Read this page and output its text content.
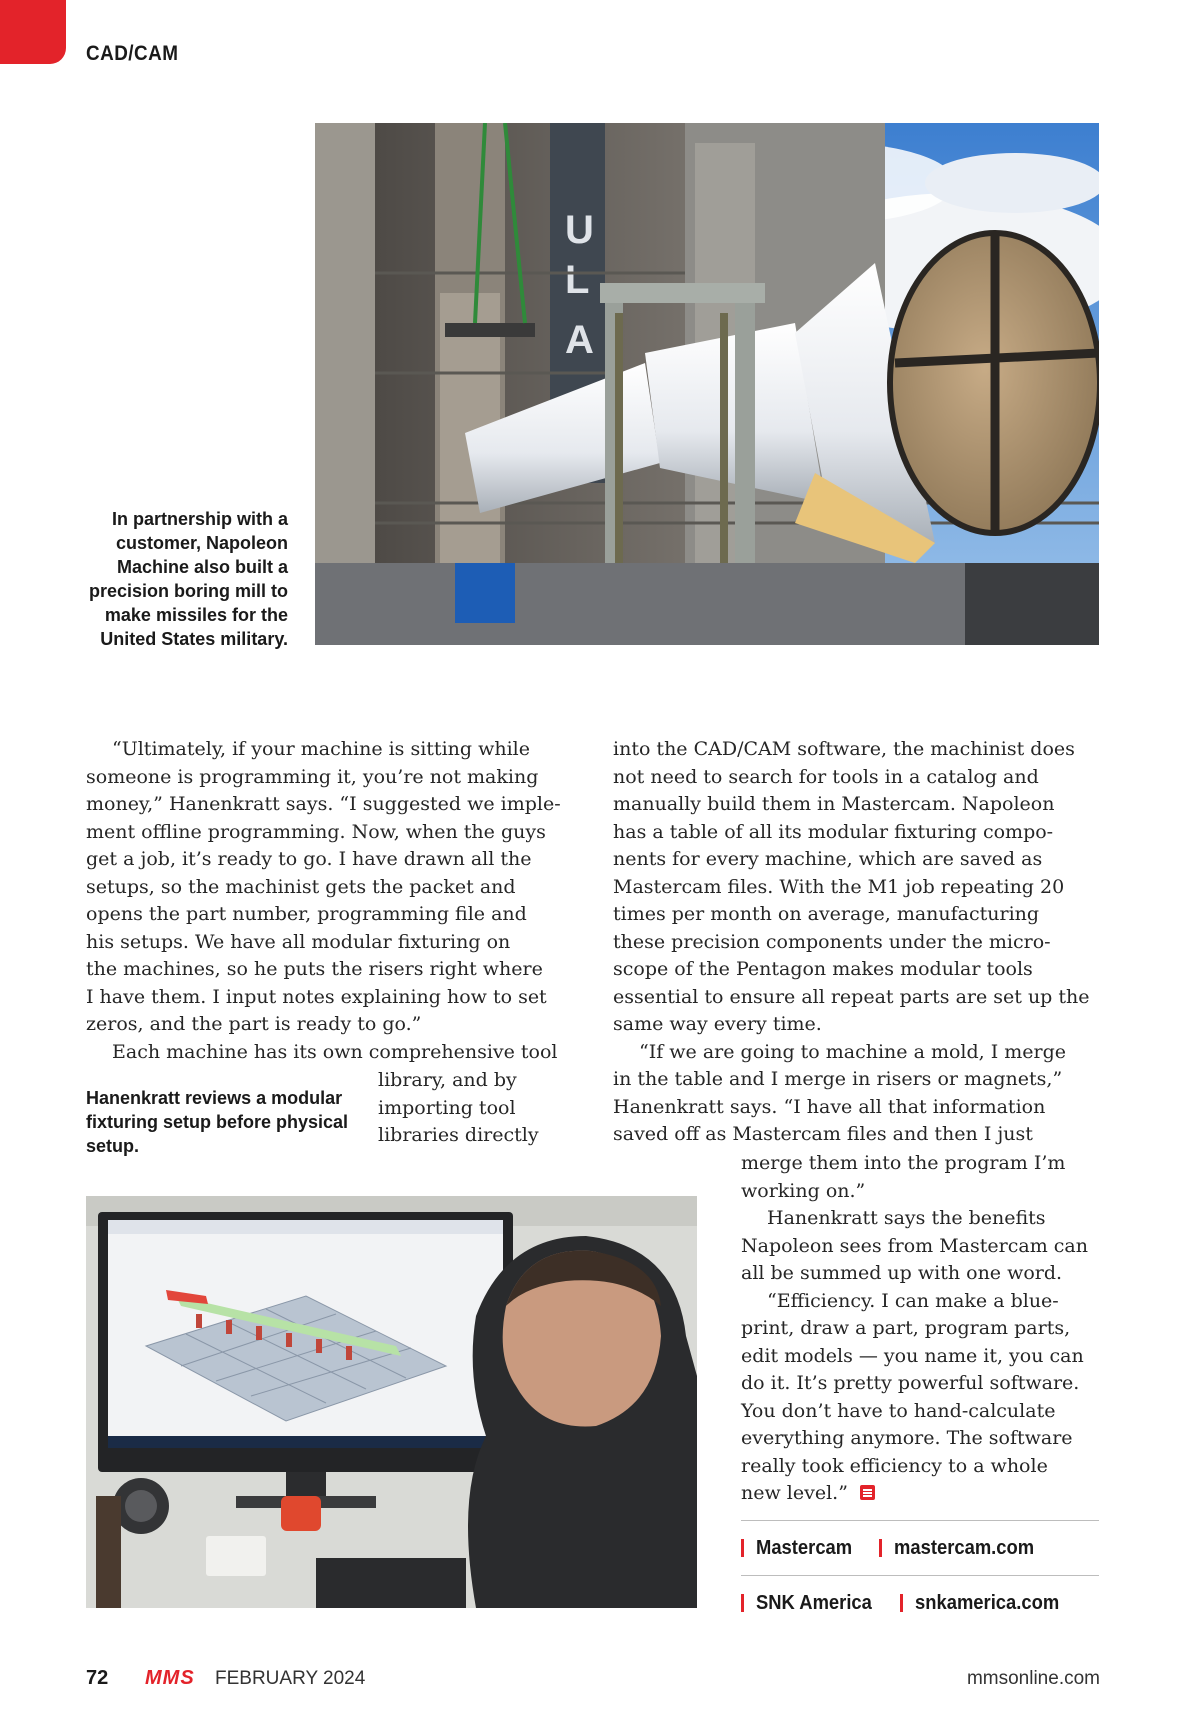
CAD/CAM
U
L
A
In partnership with a
customer, Napoleon
Machine also built a
precision boring mill to
make missiles for the
United States military.

“Ultimately, if your machine is sitting while

someone is programming it, you’re not making

money,” Hanenkratt says. “I suggested we imple-

ment offline programming. Now, when the guys

get a job, it’s ready to go. I have drawn all the

setups, so the machinist gets the packet and

opens the part number, programming file and

his setups. We have all modular fixturing on

the machines, so he puts the risers right where

I have them. I input notes explaining how to set

zeros, and the part is ready to go.”

Each machine has its own comprehensive tool

library, and by

importing tool

libraries directly

Hanenkratt reviews a modular
fixturing setup before physical
setup.

into the CAD/CAM software, the machinist does

not need to search for tools in a catalog and

manually build them in Mastercam. Napoleon

has a table of all its modular fixturing compo-

nents for every machine, which are saved as

Mastercam files. With the M1 job repeating 20

times per month on average, manufacturing

these precision components under the micro-

scope of the Pentagon makes modular tools

essential to ensure all repeat parts are set up the

same way every time.

“If we are going to machine a mold, I merge

in the table and I merge in risers or magnets,”

Hanenkratt says. “I have all that information

saved off as Mastercam files and then I just

merge them into the program I’m

working on.”

Hanenkratt says the benefits

Napoleon sees from Mastercam can

all be summed up with one word.

“Efficiency. I can make a blue-

print, draw a part, program parts,

edit models — you name it, you can

do it. It’s pretty powerful software.

You don’t have to hand-calculate

everything anymore. The software

really took efficiency to a whole

new level.”

Mastercam mastercam.com
SNK America snkamerica.com
72 MMS FEBRUARY 2024	mmsonline.com
